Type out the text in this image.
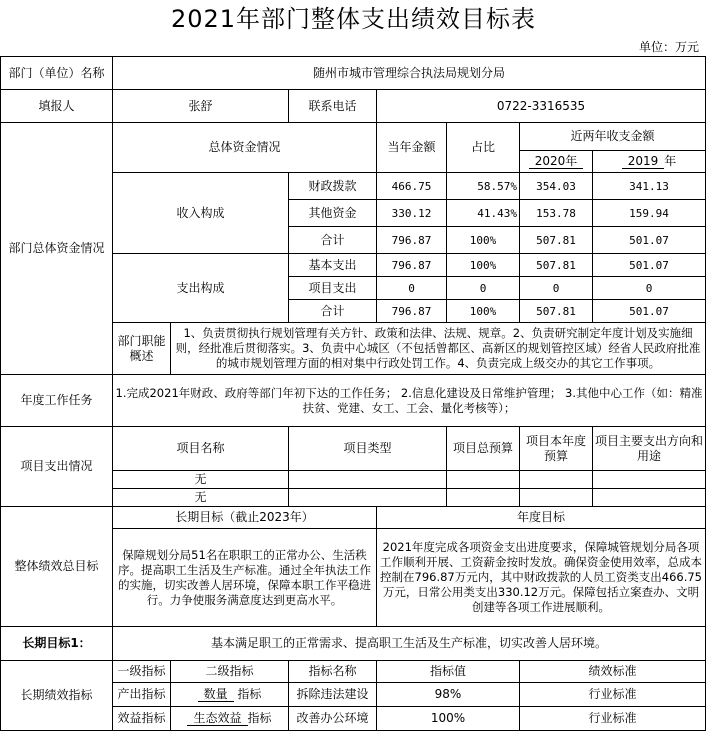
2021年部门整体支出绩效目标表
单位：万元
部门（单位）名称	随州市城市管理综合执法局规划分局						
填报人	张舒		联系电话	0722-3316535			
部门总体资金情况	总体资金情况			当年金额	占比	近两年收支金额	
						2020年	2019 年
	收入构成		财政拨款	466.75	58.57%	354.03	341.13
			其他资金	330.12	41.43%	153.78	159.94
			合计	796.87	100%	507.81	501.07
	支出构成		基本支出	796.87	100%	507.81	501.07
			项目支出	0	0	0	0
			合计	796.87	100%	507.81	501.07
	部门职能概述	1、负责贯彻执行规划管理有关方针、政策和法律、法规、规章。2、负责研究制定年度计划及实施细则，经批准后贯彻落实。3、负责中心城区（不包括曾都区、高新区的规划管控区域）经省人民政府批准的城市规划管理方面的相对集中行政处罚工作。4、负责完成上级交办的其它工作事项。					
年度工作任务	1.完成2021年财政、政府等部门年初下达的工作任务； 2.信息化建设及日常维护管理； 3.其他中心工作（如：精准扶贫、党建、女工、工会、量化考核等）；						
项目支出情况	项目名称		项目类型		项目总预算	项目本年度预算	项目主要支出方向和用途
	无						
	无						
整体绩效总目标	长期目标（截止2023年）			年度目标			
	保障规划分局51名在职职工的正常办公、生活秩序。提高职工生活及生产标准。通过全年执法工作的实施，切实改善人居环境，保障本职工作平稳进行。力争使服务满意度达到更高水平。			2021年度完成各项资金支出进度要求，保障城管规划分局各项工作顺利开展、工资薪金按时发放。确保资金使用效率，总成本控制在796.87万元内，其中财政拨款的人员工资类支出466.75万元，日常公用类支出330.12万元。保障包括立案查办、文明创建等各项工作进展顺利。			
长期目标1：	基本满足职工的正常需求、提高职工生活及生产标准，切实改善人居环境。						
长期绩效指标	一级指标	二级指标	指标名称	指标值		绩效标准	
	产出指标	数量 指标	拆除违法建设	98%		行业标准	
	效益指标	生态效益 指标	改善办公环境	100%		行业标准	
